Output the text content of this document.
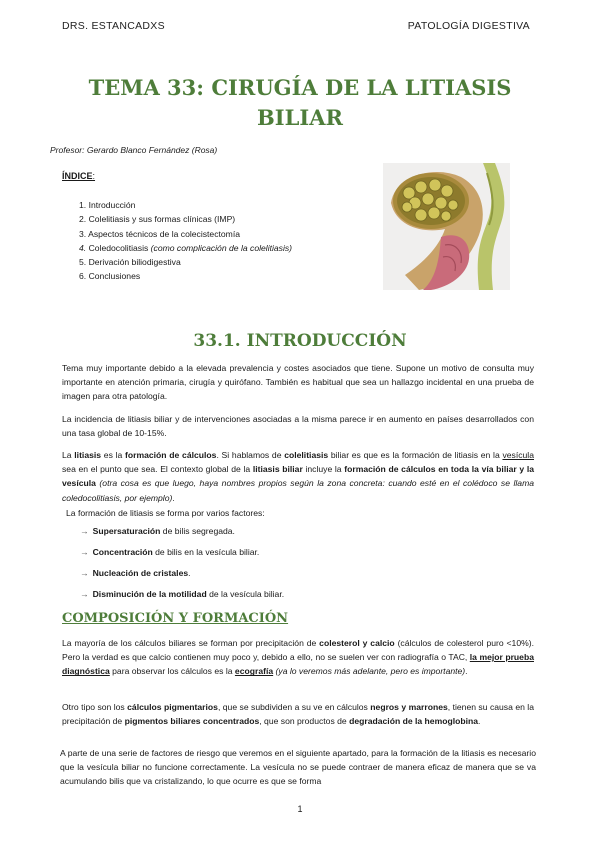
DRS. ESTANCADXS	PATOLOGÍA DIGESTIVA
TEMA 33: CIRUGÍA DE LA LITIASIS
BILIAR
Profesor: Gerardo Blanco Fernández (Rosa)
ÍNDICE:
1. Introducción
2. Colelitiasis y sus formas clínicas (IMP)
3. Aspectos técnicos de la colecistectomía
4. Coledocolitiasis (como complicación de la colelitiasis)
5. Derivación biliodigestiva
6. Conclusiones
33.1. INTRODUCCIÓN
Tema muy importante debido a la elevada prevalencia y costes asociados que tiene. Supone un motivo de consulta muy importante en atención primaria, cirugía y quirófano. También es habitual que sea un hallazgo incidental en una prueba de imagen para otra patología.
La incidencia de litiasis biliar y de intervenciones asociadas a la misma parece ir en aumento en países desarrollados con una tasa global de 10-15%.
La litiasis es la formación de cálculos. Si hablamos de colelitiasis biliar es que es la formación de litiasis en la vesícula sea en el punto que sea. El contexto global de la litiasis biliar incluye la formación de cálculos en toda la vía biliar y la vesícula (otra cosa es que luego, haya nombres propios según la zona concreta: cuando esté en el colédoco se llama coledocolitiasis, por ejemplo).
La formación de litiasis se forma por varios factores:
→ Supersaturación de bilis segregada.
→ Concentración de bilis en la vesícula biliar.
→ Nucleación de cristales.
→ Disminución de la motilidad de la vesícula biliar.
COMPOSICIÓN Y FORMACIÓN
La mayoría de los cálculos biliares se forman por precipitación de colesterol y calcio (cálculos de colesterol puro <10%). Pero la verdad es que calcio contienen muy poco y, debido a ello, no se suelen ver con radiografía o TAC, la mejor prueba diagnóstica para observar los cálculos es la ecografía (ya lo veremos más adelante, pero es importante).
Otro tipo son los cálculos pigmentarios, que se subdividen a su ve en cálculos negros y marrones, tienen su causa en la precipitación de pigmentos biliares concentrados, que son productos de degradación de la hemoglobina.
A parte de una serie de factores de riesgo que veremos en el siguiente apartado, para la formación de la litiasis es necesario que la vesícula biliar no funcione correctamente. La vesícula no se puede contraer de manera eficaz de manera que se va acumulando bilis que va cristalizando, lo que ocurre es que se forma
1
